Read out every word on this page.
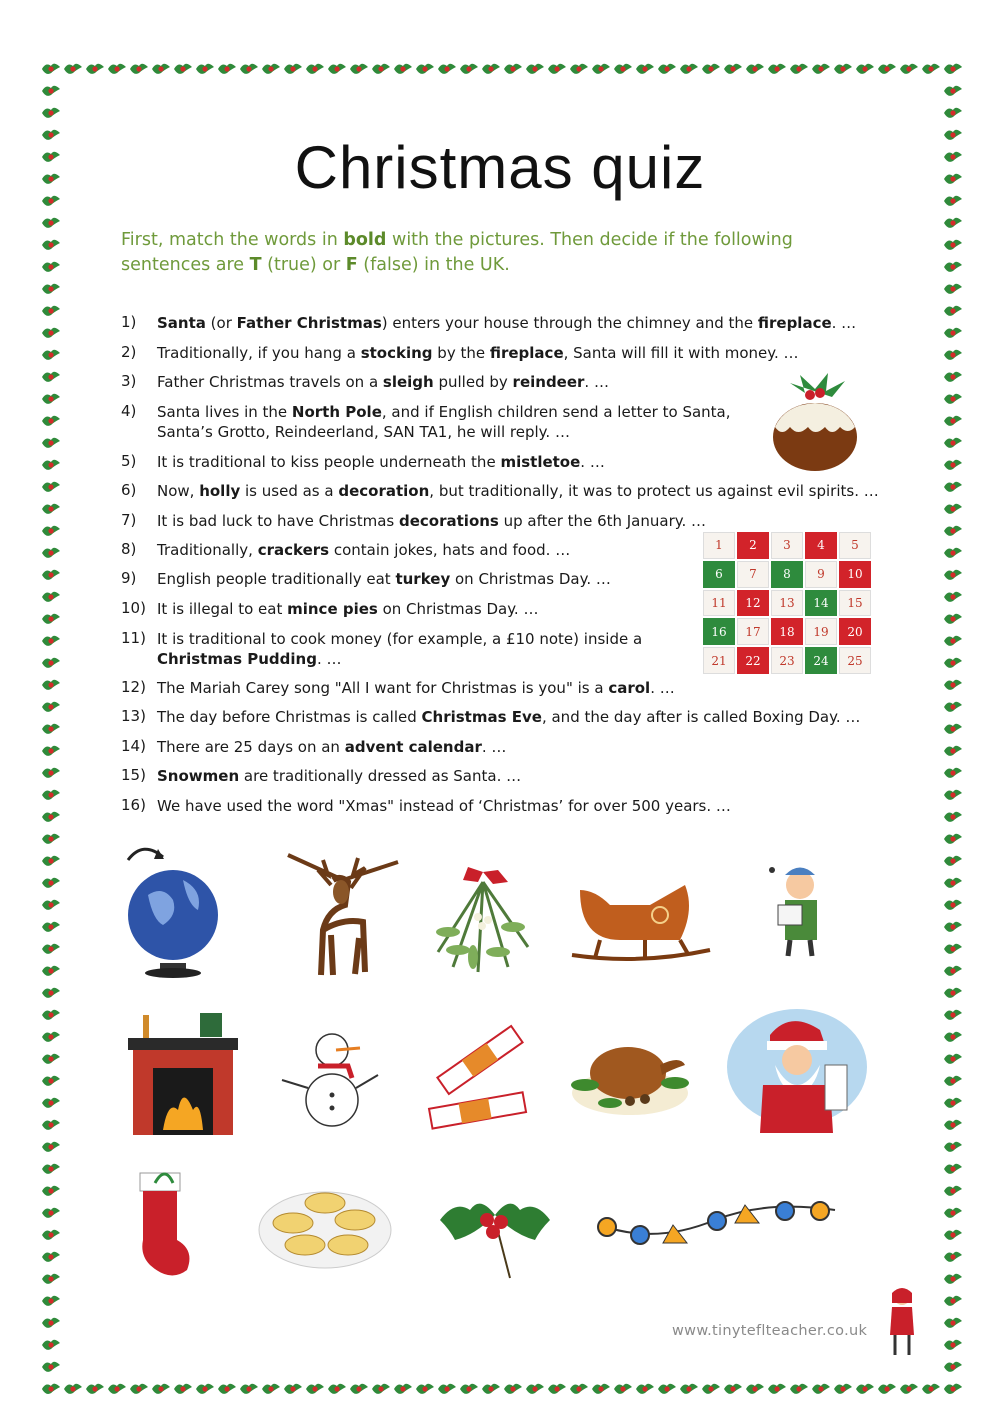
Christmas quiz
First, match the words in bold with the pictures. Then decide if the following
sentences are T (true) or F (false) in the UK.
1)	Santa (or Father Christmas) enters your house through the chimney and the fireplace. …
2)	Traditionally, if you hang a stocking by the fireplace, Santa will fill it with money. …
3)	Father Christmas travels on a sleigh pulled by reindeer. …
4)	Santa lives in the North Pole, and if English children send a letter to Santa,
Santa’s Grotto, Reindeerland, SAN TA1, he will reply. …
5)	It is traditional to kiss people underneath the mistletoe. …
6)	Now, holly is used as a decoration, but traditionally, it was to protect us against evil spirits. …
7)	It is bad luck to have Christmas decorations up after the 6th January. …
8)	Traditionally, crackers contain jokes, hats and food. …
9)	English people traditionally eat turkey on Christmas Day. …
10) It is illegal to eat mince pies on Christmas Day. …
11) It is traditional to cook money (for example, a £10 note) inside a
Christmas Pudding. …
12) The Mariah Carey song "All I want for Christmas is you" is a carol. …
13) The day before Christmas is called Christmas Eve, and the day after is called Boxing Day. …
14) There are 25 days on an advent calendar. …
15) Snowmen are traditionally dressed as Santa. …
16) We have used the word "Xmas" instead of ‘Christmas’ for over 500 years. …
1	2	3	4	5
6	7	8	9	10
11	12	13	14	15
16	17	18	19	20
21	22	23	24	25
www.tinyteflteacher.co.uk
